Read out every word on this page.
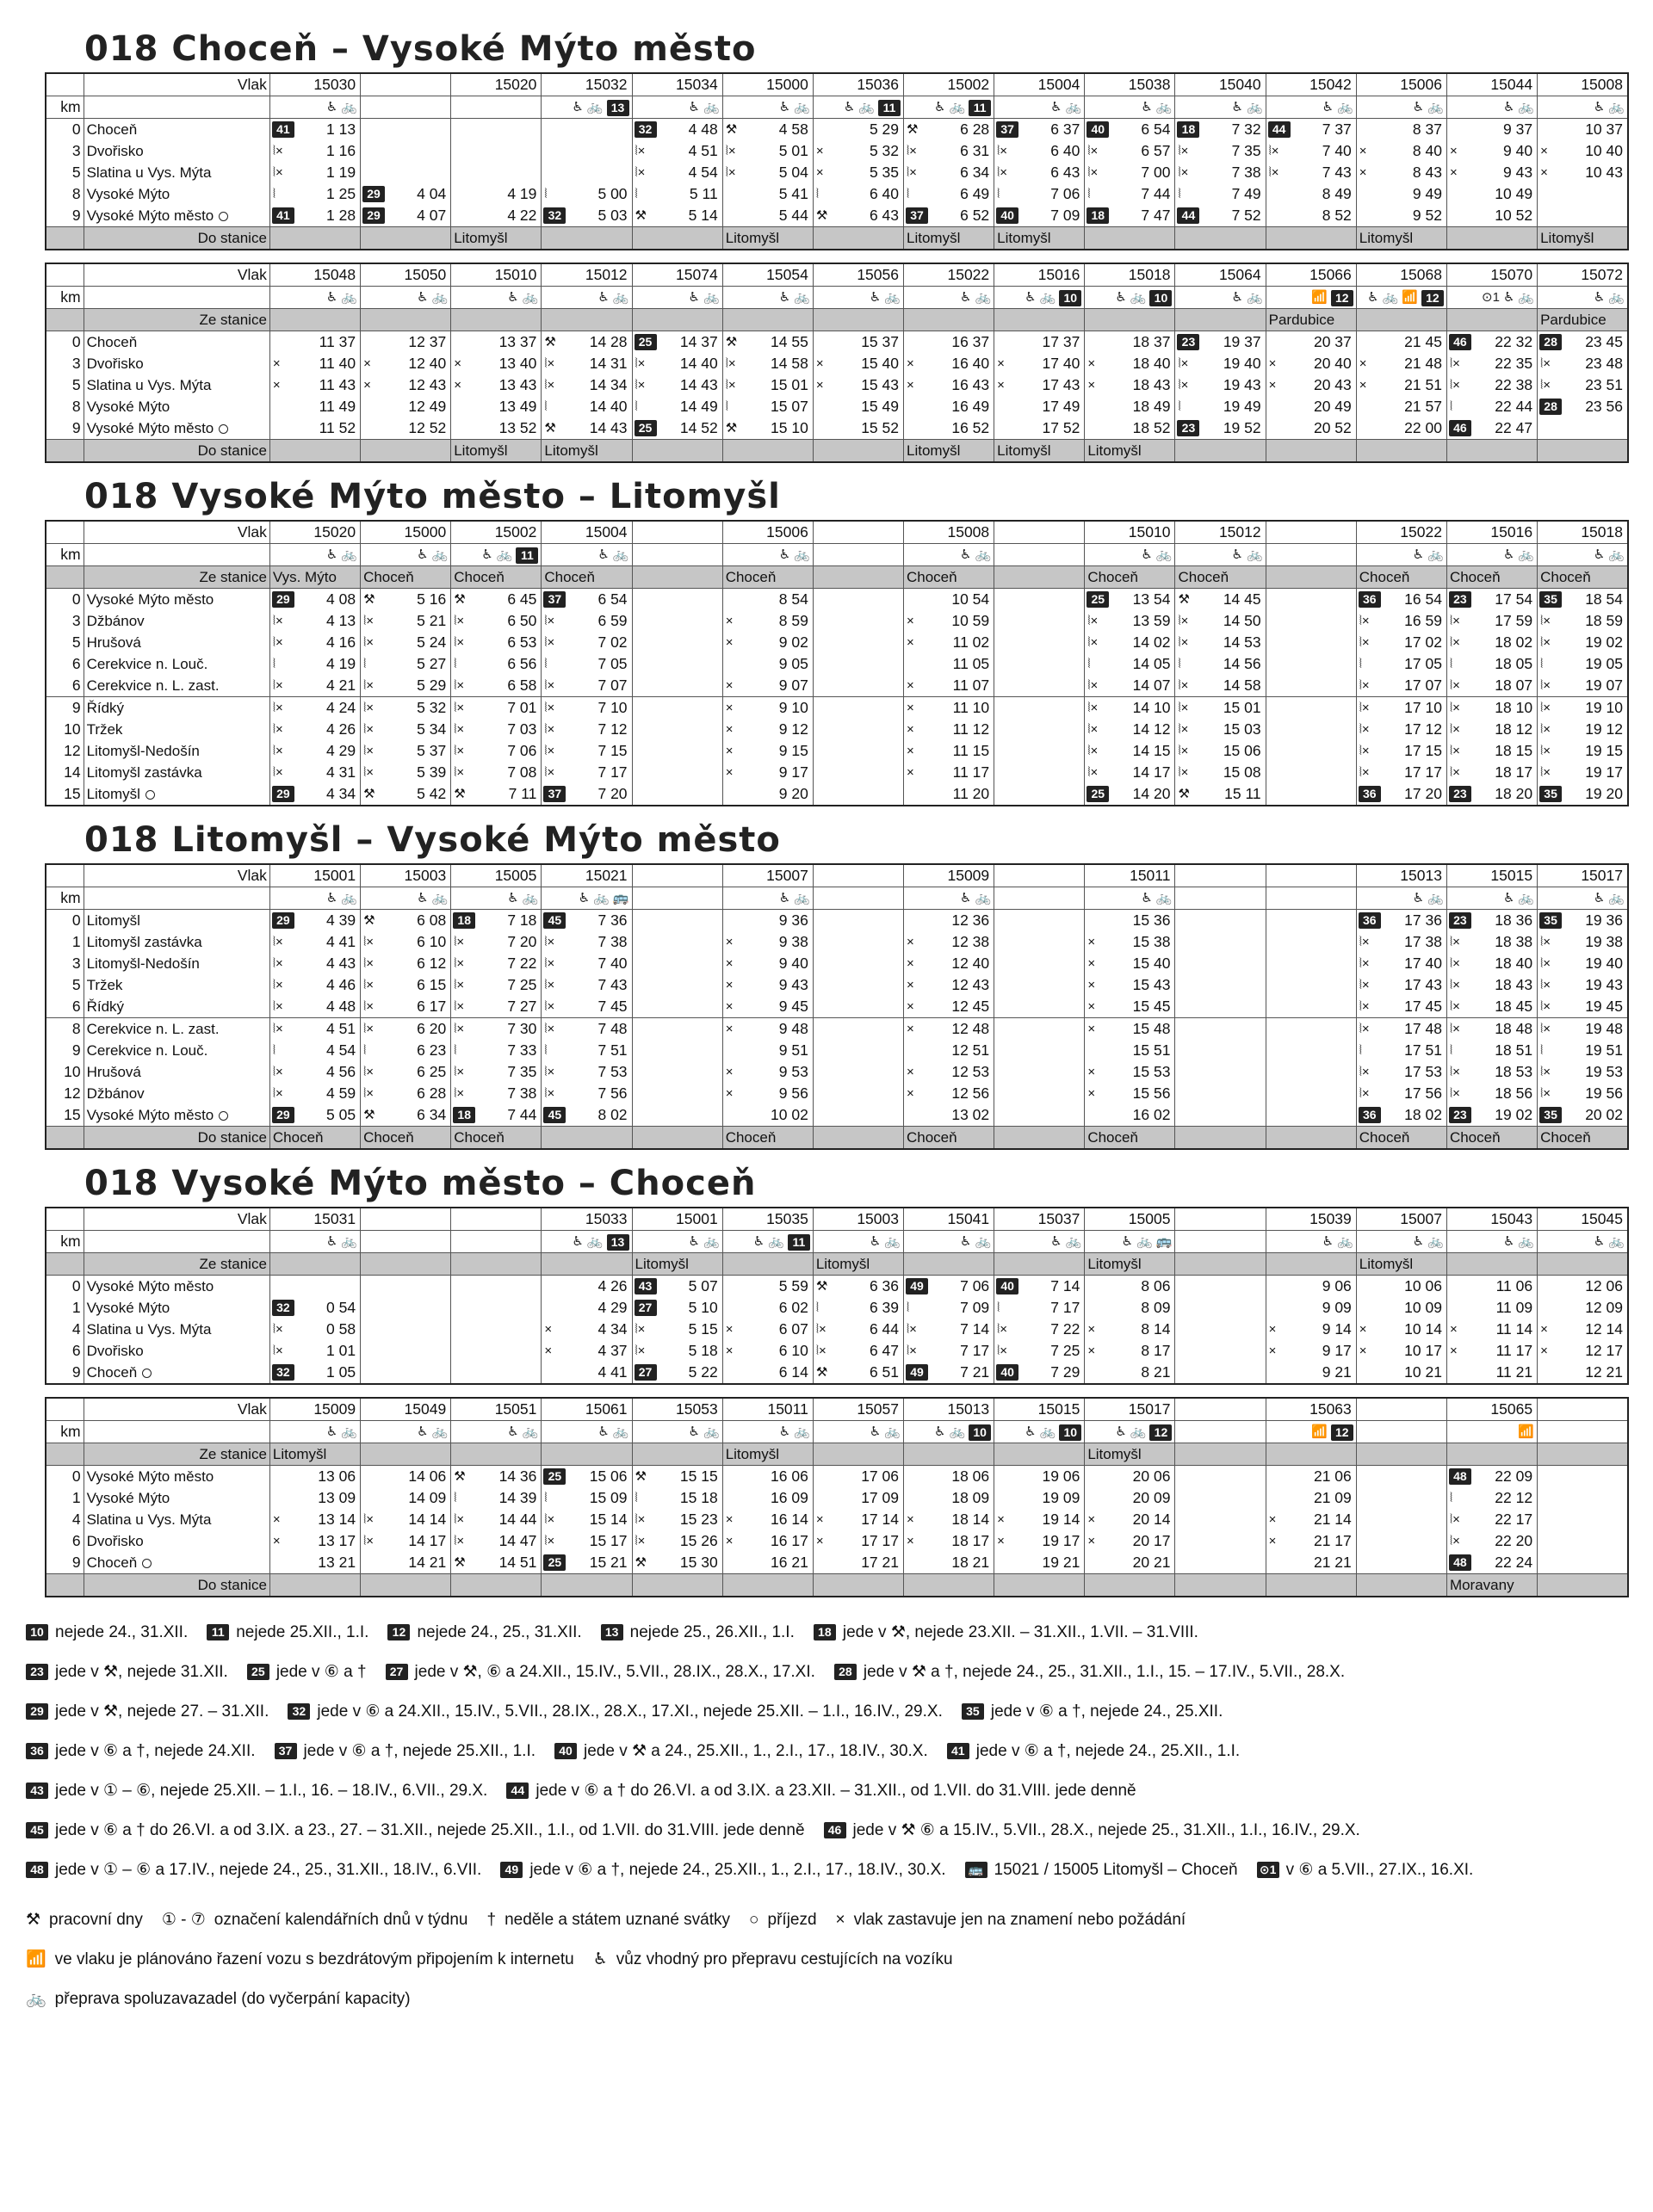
018 Choceň – Vysoké Mýto město
	Vlak	15030		15020	15032	15034	15000	15036	15002	15004	15038	15040	15042	15006	15044	15008

km		♿ 🚲			♿ 🚲 13	♿ 🚲	♿ 🚲	♿ 🚲 11	♿ 🚲 11	♿ 🚲	♿ 🚲	♿ 🚲	♿ 🚲	♿ 🚲	♿ 🚲	♿ 🚲

0	Choceň	41 1 13				32 4 48	⚒ 4 58	5 29	⚒ 6 28	37 6 37	40 6 54	18 7 32	44 7 37	8 37	9 37	10 37

3	Dvořisko	⦚× 1 16				⦚× 4 51	⦚× 5 01	× 5 32	⦚× 6 31	⦚× 6 40	⦚× 6 57	⦚× 7 35	⦚× 7 40	× 8 40	× 9 40	× 10 40

5	Slatina u Vys. Mýta	⦚× 1 19				⦚× 4 54	⦚× 5 04	× 5 35	⦚× 6 34	⦚× 6 43	⦚× 7 00	⦚× 7 38	⦚× 7 43	× 8 43	× 9 43	× 10 43

8	Vysoké Mýto	⦚ 1 25	29 4 04	4 19	⦚ 5 00	⦚ 5 11	5 41	⦚ 6 40	⦚ 6 49	⦚ 7 06	⦚ 7 44	⦚ 7 49	8 49	9 49	10 49	

9	Vysoké Mýto město	41 1 28	29 4 07	4 22	32 5 03	⚒ 5 14	5 44	⚒ 6 43	37 6 52	40 7 09	18 7 47	44 7 52	8 52	9 52	10 52	

	Do stanice			Litomyšl			Litomyšl		Litomyšl	Litomyšl				Litomyšl		Litomyšl
	Vlak	15048	15050	15010	15012	15074	15054	15056	15022	15016	15018	15064	15066	15068	15070	15072

km		♿ 🚲	♿ 🚲	♿ 🚲	♿ 🚲	♿ 🚲	♿ 🚲	♿ 🚲	♿ 🚲	♿ 🚲 10	♿ 🚲 10	♿ 🚲	📶 12	♿ 🚲 📶 12	⊙1 ♿ 🚲	♿ 🚲

	Ze stanice												Pardubice			Pardubice
0	Choceň	11 37	12 37	13 37	⚒ 14 28	25 14 37	⚒ 14 55	15 37	16 37	17 37	18 37	23 19 37	20 37	21 45	46 22 32	28 23 45

3	Dvořisko	× 11 40	× 12 40	× 13 40	⦚× 14 31	⦚× 14 40	⦚× 14 58	× 15 40	× 16 40	× 17 40	× 18 40	⦚× 19 40	× 20 40	× 21 48	⦚× 22 35	⦚× 23 48

5	Slatina u Vys. Mýta	× 11 43	× 12 43	× 13 43	⦚× 14 34	⦚× 14 43	⦚× 15 01	× 15 43	× 16 43	× 17 43	× 18 43	⦚× 19 43	× 20 43	× 21 51	⦚× 22 38	⦚× 23 51

8	Vysoké Mýto	11 49	12 49	13 49	⦚ 14 40	⦚ 14 49	⦚ 15 07	15 49	16 49	17 49	18 49	⦚ 19 49	20 49	21 57	⦚ 22 44	28 23 56

9	Vysoké Mýto město	11 52	12 52	13 52	⚒ 14 43	25 14 52	⚒ 15 10	15 52	16 52	17 52	18 52	23 19 52	20 52	22 00	46 22 47	

	Do stanice			Litomyšl	Litomyšl				Litomyšl	Litomyšl	Litomyšl					
018 Vysoké Mýto město – Litomyšl
	Vlak	15020	15000	15002	15004		15006		15008		15010	15012		15022	15016	15018

km		♿ 🚲	♿ 🚲	♿ 🚲 11	♿ 🚲		♿ 🚲		♿ 🚲		♿ 🚲	♿ 🚲		♿ 🚲	♿ 🚲	♿ 🚲

	Ze stanice	Vys. Mýto	Choceň	Choceň	Choceň		Choceň		Choceň		Choceň	Choceň		Choceň	Choceň	Choceň
0	Vysoké Mýto město	29 4 08	⚒ 5 16	⚒ 6 45	37 6 54		8 54		10 54		25 13 54	⚒ 14 45		36 16 54	23 17 54	35 18 54

3	Džbánov	⦚× 4 13	⦚× 5 21	⦚× 6 50	⦚× 6 59		× 8 59		× 10 59		⦚× 13 59	⦚× 14 50		⦚× 16 59	⦚× 17 59	⦚× 18 59

5	Hrušová	⦚× 4 16	⦚× 5 24	⦚× 6 53	⦚× 7 02		× 9 02		× 11 02		⦚× 14 02	⦚× 14 53		⦚× 17 02	⦚× 18 02	⦚× 19 02

6	Cerekvice n. Louč.	⦚ 4 19	⦚ 5 27	⦚ 6 56	⦚ 7 05		9 05		11 05		⦚ 14 05	⦚ 14 56		⦚ 17 05	⦚ 18 05	⦚ 19 05

6	Cerekvice n. L. zast.	⦚× 4 21	⦚× 5 29	⦚× 6 58	⦚× 7 07		× 9 07		× 11 07		⦚× 14 07	⦚× 14 58		⦚× 17 07	⦚× 18 07	⦚× 19 07

9	Řídký	⦚× 4 24	⦚× 5 32	⦚× 7 01	⦚× 7 10		× 9 10		× 11 10		⦚× 14 10	⦚× 15 01		⦚× 17 10	⦚× 18 10	⦚× 19 10

10	Tržek	⦚× 4 26	⦚× 5 34	⦚× 7 03	⦚× 7 12		× 9 12		× 11 12		⦚× 14 12	⦚× 15 03		⦚× 17 12	⦚× 18 12	⦚× 19 12

12	Litomyšl-Nedošín	⦚× 4 29	⦚× 5 37	⦚× 7 06	⦚× 7 15		× 9 15		× 11 15		⦚× 14 15	⦚× 15 06		⦚× 17 15	⦚× 18 15	⦚× 19 15

14	Litomyšl zastávka	⦚× 4 31	⦚× 5 39	⦚× 7 08	⦚× 7 17		× 9 17		× 11 17		⦚× 14 17	⦚× 15 08		⦚× 17 17	⦚× 18 17	⦚× 19 17

15	Litomyšl	29 4 34	⚒ 5 42	⚒ 7 11	37 7 20		9 20		11 20		25 14 20	⚒ 15 11		36 17 20	23 18 20	35 19 20
018 Litomyšl – Vysoké Mýto město
	Vlak	15001	15003	15005	15021		15007		15009		15011			15013	15015	15017

km		♿ 🚲	♿ 🚲	♿ 🚲	♿ 🚲 🚌		♿ 🚲		♿ 🚲		♿ 🚲			♿ 🚲	♿ 🚲	♿ 🚲

0	Litomyšl	29 4 39	⚒ 6 08	18 7 18	45 7 36		9 36		12 36		15 36			36 17 36	23 18 36	35 19 36

1	Litomyšl zastávka	⦚× 4 41	⦚× 6 10	⦚× 7 20	⦚× 7 38		× 9 38		× 12 38		× 15 38			⦚× 17 38	⦚× 18 38	⦚× 19 38

3	Litomyšl-Nedošín	⦚× 4 43	⦚× 6 12	⦚× 7 22	⦚× 7 40		× 9 40		× 12 40		× 15 40			⦚× 17 40	⦚× 18 40	⦚× 19 40

5	Tržek	⦚× 4 46	⦚× 6 15	⦚× 7 25	⦚× 7 43		× 9 43		× 12 43		× 15 43			⦚× 17 43	⦚× 18 43	⦚× 19 43

6	Řídký	⦚× 4 48	⦚× 6 17	⦚× 7 27	⦚× 7 45		× 9 45		× 12 45		× 15 45			⦚× 17 45	⦚× 18 45	⦚× 19 45

8	Cerekvice n. L. zast.	⦚× 4 51	⦚× 6 20	⦚× 7 30	⦚× 7 48		× 9 48		× 12 48		× 15 48			⦚× 17 48	⦚× 18 48	⦚× 19 48

9	Cerekvice n. Louč.	⦚ 4 54	⦚ 6 23	⦚ 7 33	⦚ 7 51		9 51		12 51		15 51			⦚ 17 51	⦚ 18 51	⦚ 19 51

10	Hrušová	⦚× 4 56	⦚× 6 25	⦚× 7 35	⦚× 7 53		× 9 53		× 12 53		× 15 53			⦚× 17 53	⦚× 18 53	⦚× 19 53

12	Džbánov	⦚× 4 59	⦚× 6 28	⦚× 7 38	⦚× 7 56		× 9 56		× 12 56		× 15 56			⦚× 17 56	⦚× 18 56	⦚× 19 56

15	Vysoké Mýto město	29 5 05	⚒ 6 34	18 7 44	45 8 02		10 02		13 02		16 02			36 18 02	23 19 02	35 20 02

	Do stanice	Choceň	Choceň	Choceň			Choceň		Choceň		Choceň			Choceň	Choceň	Choceň
018 Vysoké Mýto město – Choceň
	Vlak	15031			15033	15001	15035	15003	15041	15037	15005		15039	15007	15043	15045

km		♿ 🚲			♿ 🚲 13	♿ 🚲	♿ 🚲 11	♿ 🚲	♿ 🚲	♿ 🚲	♿ 🚲 🚌		♿ 🚲	♿ 🚲	♿ 🚲	♿ 🚲

	Ze stanice					Litomyšl		Litomyšl			Litomyšl			Litomyšl		
0	Vysoké Mýto město				4 26	43 5 07	5 59	⚒ 6 36	49 7 06	40 7 14	8 06		9 06	10 06	11 06	12 06

1	Vysoké Mýto	32 0 54			4 29	27 5 10	6 02	⦚ 6 39	⦚ 7 09	⦚ 7 17	8 09		9 09	10 09	11 09	12 09

4	Slatina u Vys. Mýta	⦚× 0 58			× 4 34	⦚× 5 15	× 6 07	⦚× 6 44	⦚× 7 14	⦚× 7 22	× 8 14		× 9 14	× 10 14	× 11 14	× 12 14

6	Dvořisko	⦚× 1 01			× 4 37	⦚× 5 18	× 6 10	⦚× 6 47	⦚× 7 17	⦚× 7 25	× 8 17		× 9 17	× 10 17	× 11 17	× 12 17

9	Choceň	32 1 05			4 41	27 5 22	6 14	⚒ 6 51	49 7 21	40 7 29	8 21		9 21	10 21	11 21	12 21
	Vlak	15009	15049	15051	15061	15053	15011	15057	15013	15015	15017		15063		15065	

km		♿ 🚲	♿ 🚲	♿ 🚲	♿ 🚲	♿ 🚲	♿ 🚲	♿ 🚲	♿ 🚲 10	♿ 🚲 10	♿ 🚲 12		📶 12		📶	

	Ze stanice	Litomyšl					Litomyšl				Litomyšl					
0	Vysoké Mýto město	13 06	14 06	⚒ 14 36	25 15 06	⚒ 15 15	16 06	17 06	18 06	19 06	20 06		21 06		48 22 09	

1	Vysoké Mýto	13 09	14 09	⦚ 14 39	⦚ 15 09	⦚ 15 18	16 09	17 09	18 09	19 09	20 09		21 09		⦚ 22 12	

4	Slatina u Vys. Mýta	× 13 14	⦚× 14 14	⦚× 14 44	⦚× 15 14	⦚× 15 23	× 16 14	× 17 14	× 18 14	× 19 14	× 20 14		× 21 14		⦚× 22 17	

6	Dvořisko	× 13 17	⦚× 14 17	⦚× 14 47	⦚× 15 17	⦚× 15 26	× 16 17	× 17 17	× 18 17	× 19 17	× 20 17		× 21 17		⦚× 22 20	

9	Choceň	13 21	14 21	⚒ 14 51	25 15 21	⚒ 15 30	16 21	17 21	18 21	19 21	20 21		21 21		48 22 24	

	Do stanice														Moravany	
10 nejede 24., 31.XII. 11 nejede 25.XII., 1.I. 12 nejede 24., 25., 31.XII. 13 nejede 25., 26.XII., 1.I. 18 jede v ⚒, nejede 23.XII. – 31.XII., 1.VII. – 31.VIII.
23 jede v ⚒, nejede 31.XII. 25 jede v ⑥ a † 27 jede v ⚒, ⑥ a 24.XII., 15.IV., 5.VII., 28.IX., 28.X., 17.XI. 28 jede v ⚒ a †, nejede 24., 25., 31.XII., 1.I., 15. – 17.IV., 5.VII., 28.X.
29 jede v ⚒, nejede 27. – 31.XII. 32 jede v ⑥ a 24.XII., 15.IV., 5.VII., 28.IX., 28.X., 17.XI., nejede 25.XII. – 1.I., 16.IV., 29.X. 35 jede v ⑥ a †, nejede 24., 25.XII.
36 jede v ⑥ a †, nejede 24.XII. 37 jede v ⑥ a †, nejede 25.XII., 1.I. 40 jede v ⚒ a 24., 25.XII., 1., 2.I., 17., 18.IV., 30.X. 41 jede v ⑥ a †, nejede 24., 25.XII., 1.I.
43 jede v ① – ⑥, nejede 25.XII. – 1.I., 16. – 18.IV., 6.VII., 29.X. 44 jede v ⑥ a † do 26.VI. a od 3.IX. a 23.XII. – 31.XII., od 1.VII. do 31.VIII. jede denně
45 jede v ⑥ a † do 26.VI. a od 3.IX. a 23., 27. – 31.XII., nejede 25.XII., 1.I., od 1.VII. do 31.VIII. jede denně 46 jede v ⚒ ⑥ a 15.IV., 5.VII., 28.X., nejede 25., 31.XII., 1.I., 16.IV., 29.X.
48 jede v ① – ⑥ a 17.IV., nejede 24., 25., 31.XII., 18.IV., 6.VII. 49 jede v ⑥ a †, nejede 24., 25.XII., 1., 2.I., 17., 18.IV., 30.X. 🚌 15021 / 15005 Litomyšl – Choceň ⊙1 v ⑥ a 5.VII., 27.IX., 16.XI.
⚒ pracovní dny ① - ⑦ označení kalendářních dnů v týdnu † neděle a státem uznané svátky ○ příjezd × vlak zastavuje jen na znamení nebo požádání
📶 ve vlaku je plánováno řazení vozu s bezdrátovým připojením k internetu ♿ vůz vhodný pro přepravu cestujících na vozíku
🚲 přeprava spoluzavazadel (do vyčerpání kapacity)
